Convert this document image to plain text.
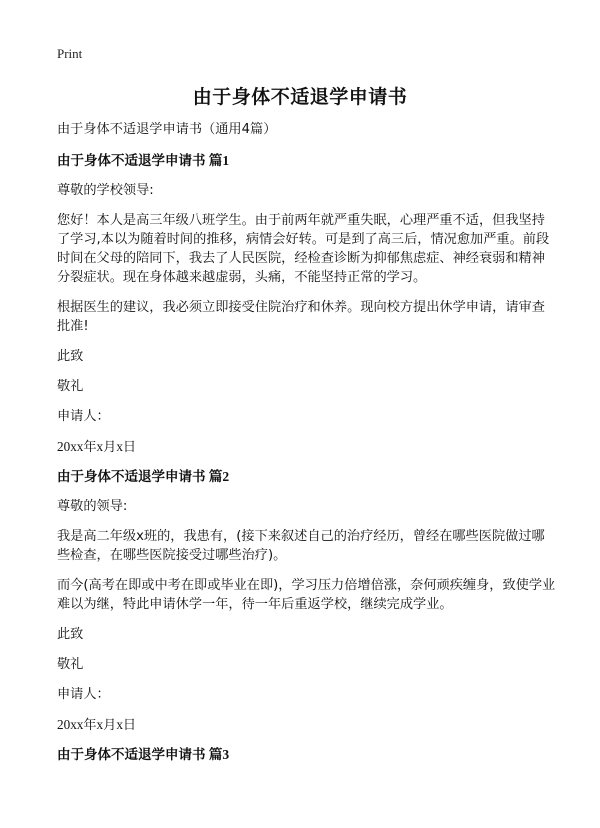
Print
由于身体不适退学申请书

由于身体不适退学申请书（通用4篇）

由于身体不适退学申请书 篇1

尊敬的学校领导:

您好！本人是高三年级八班学生。由于前两年就严重失眠，心理严重不适，但我坚持了学习,本以为随着时间的推移，病情会好转。可是到了高三后，情况愈加严重。前段时间在父母的陪同下，我去了人民医院，经检查诊断为抑郁焦虑症、神经衰弱和精神分裂症状。现在身体越来越虚弱，头痛，不能坚持正常的学习。

根据医生的建议，我必须立即接受住院治疗和休养。现向校方提出休学申请，请审查批准!

此致

敬礼

申请人：

20xx年x月x日

由于身体不适退学申请书 篇2

尊敬的领导:

我是高二年级x班的，我患有，(接下来叙述自己的治疗经历，曾经在哪些医院做过哪些检查，在哪些医院接受过哪些治疗)。

而今(高考在即或中考在即或毕业在即)，学习压力倍增倍涨，奈何顽疾缠身，致使学业难以为继，特此申请休学一年，待一年后重返学校，继续完成学业。

此致

敬礼

申请人：

20xx年x月x日

由于身体不适退学申请书 篇3
